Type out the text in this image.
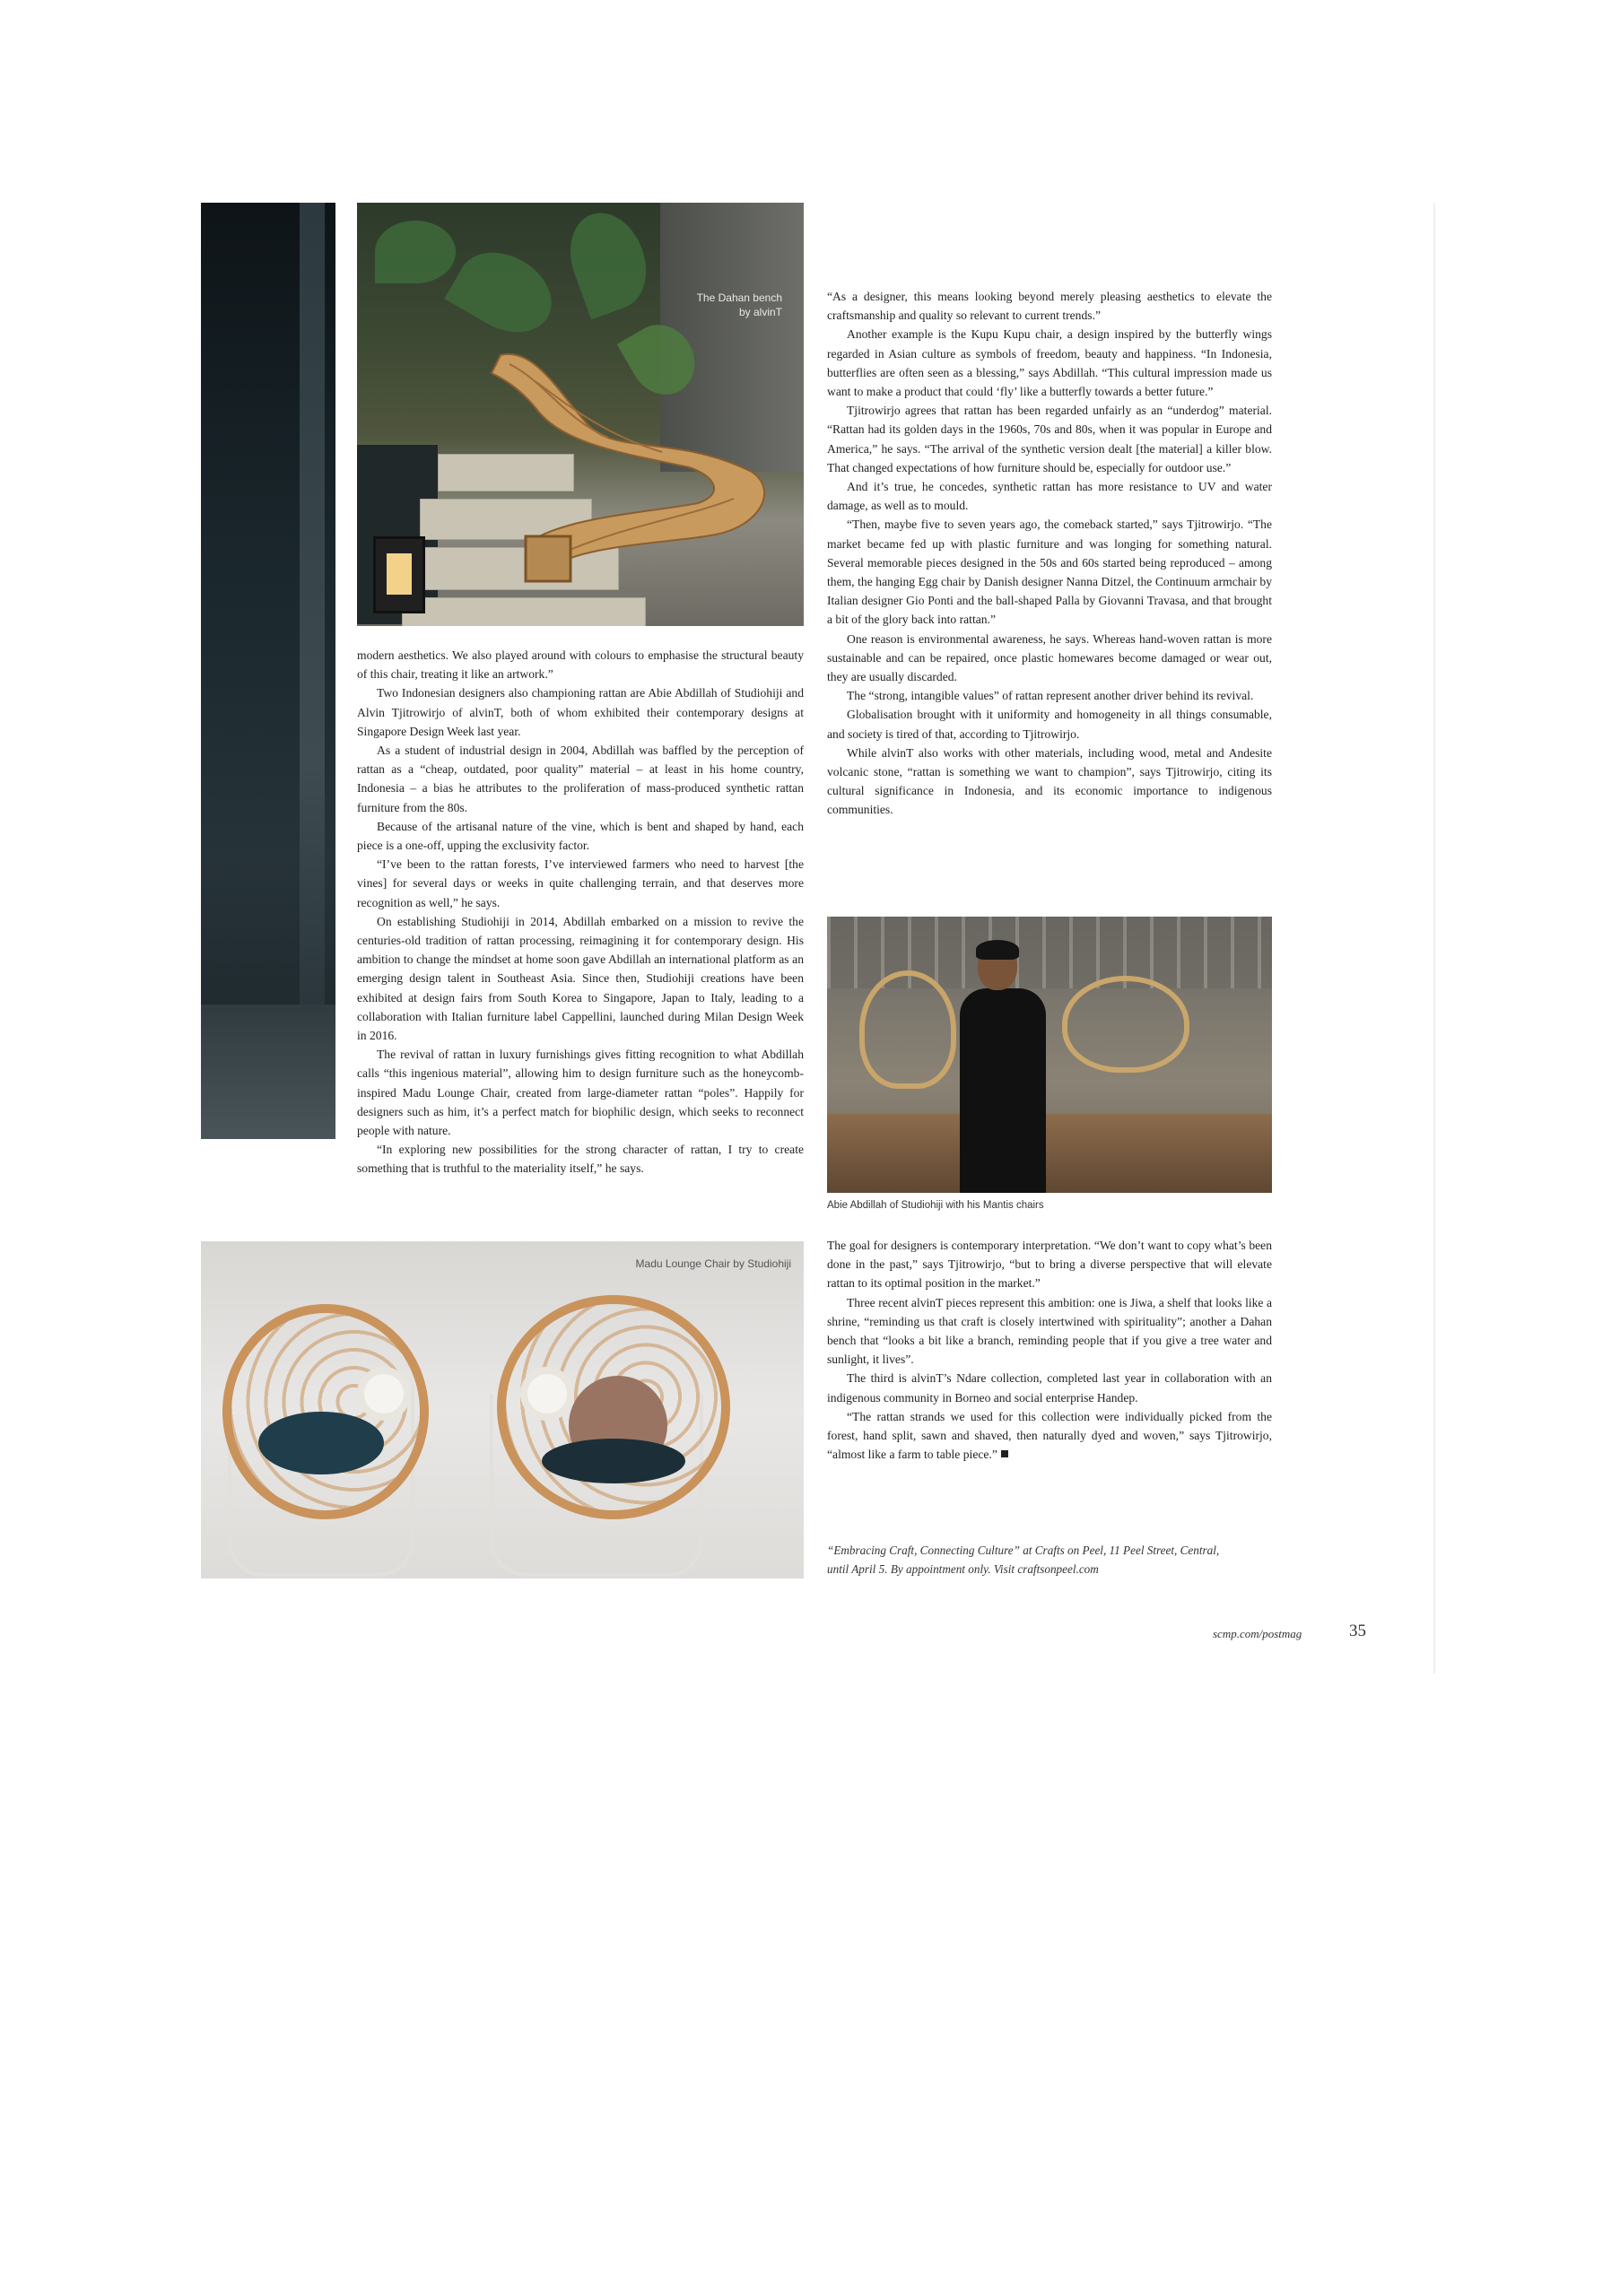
The Dahan bench
by alvinT

modern aesthetics. We also played around with colours to emphasise the structural beauty of this chair, treating it like an artwork.”

Two Indonesian designers also championing rattan are Abie Abdillah of Studiohiji and Alvin Tjitrowirjo of alvinT, both of whom exhibited their contemporary designs at Singapore Design Week last year.

As a student of industrial design in 2004, Abdillah was baffled by the perception of rattan as a “cheap, outdated, poor quality” material – at least in his home country, Indonesia – a bias he attributes to the proliferation of mass-produced synthetic rattan furniture from the 80s.

Because of the artisanal nature of the vine, which is bent and shaped by hand, each piece is a one-off, upping the exclusivity factor.

“I’ve been to the rattan forests, I’ve interviewed farmers who need to harvest [the vines] for several days or weeks in quite challenging terrain, and that deserves more recognition as well,” he says.

On establishing Studiohiji in 2014, Abdillah embarked on a mission to revive the centuries-old tradition of rattan processing, reimagining it for contemporary design. His ambition to change the mindset at home soon gave Abdillah an international platform as an emerging design talent in Southeast Asia. Since then, Studiohiji creations have been exhibited at design fairs from South Korea to Singapore, Japan to Italy, leading to a collaboration with Italian furniture label Cappellini, launched during Milan Design Week in 2016.

The revival of rattan in luxury furnishings gives fitting recognition to what Abdillah calls “this ingenious material”, allowing him to design furniture such as the honeycomb-inspired Madu Lounge Chair, created from large-diameter rattan “poles”. Happily for designers such as him, it’s a perfect match for biophilic design, which seeks to reconnect people with nature.

“In exploring new possibilities for the strong character of rattan, I try to create something that is truthful to the materiality itself,” he says.

“As a designer, this means looking beyond merely pleasing aesthetics to elevate the craftsmanship and quality so relevant to current trends.”

Another example is the Kupu Kupu chair, a design inspired by the butterfly wings regarded in Asian culture as symbols of freedom, beauty and happiness. “In Indonesia, butterflies are often seen as a blessing,” says Abdillah. “This cultural impression made us want to make a product that could ‘fly’ like a butterfly towards a better future.”

Tjitrowirjo agrees that rattan has been regarded unfairly as an “underdog” material. “Rattan had its golden days in the 1960s, 70s and 80s, when it was popular in Europe and America,” he says. “The arrival of the synthetic version dealt [the material] a killer blow. That changed expectations of how furniture should be, especially for outdoor use.”

And it’s true, he concedes, synthetic rattan has more resistance to UV and water damage, as well as to mould.

“Then, maybe five to seven years ago, the comeback started,” says Tjitrowirjo. “The market became fed up with plastic furniture and was longing for something natural. Several memorable pieces designed in the 50s and 60s started being reproduced – among them, the hanging Egg chair by Danish designer Nanna Ditzel, the Continuum armchair by Italian designer Gio Ponti and the ball-shaped Palla by Giovanni Travasa, and that brought a bit of the glory back into rattan.”

One reason is environmental awareness, he says. Whereas hand-woven rattan is more sustainable and can be repaired, once plastic homewares become damaged or wear out, they are usually discarded.

The “strong, intangible values” of rattan represent another driver behind its revival.

Globalisation brought with it uniformity and homogeneity in all things consumable, and society is tired of that, according to Tjitrowirjo.

While alvinT also works with other materials, including wood, metal and Andesite volcanic stone, “rattan is something we want to champion”, says Tjitrowirjo, citing its cultural significance in Indonesia, and its economic importance to indigenous communities.

Abie Abdillah of Studiohiji with his Mantis chairs
Madu Lounge Chair by Studiohiji

The goal for designers is contemporary interpretation. “We don’t want to copy what’s been done in the past,” says Tjitrowirjo, “but to bring a diverse perspective that will elevate rattan to its optimal position in the market.”

Three recent alvinT pieces represent this ambition: one is Jiwa, a shelf that looks like a shrine, “reminding us that craft is closely intertwined with spirituality”; another a Dahan bench that “looks a bit like a branch, reminding people that if you give a tree water and sunlight, it lives”.

The third is alvinT’s Ndare collection, completed last year in collaboration with an indigenous community in Borneo and social enterprise Handep.

“The rattan strands we used for this collection were individually picked from the forest, hand split, sawn and shaved, then naturally dyed and woven,” says Tjitrowirjo, “almost like a farm to table piece.”

“Embracing Craft, Connecting Culture” at Crafts on Peel, 11 Peel Street, Central,
until April 5. By appointment only. Visit craftsonpeel.com
scmp.com/postmag	35
